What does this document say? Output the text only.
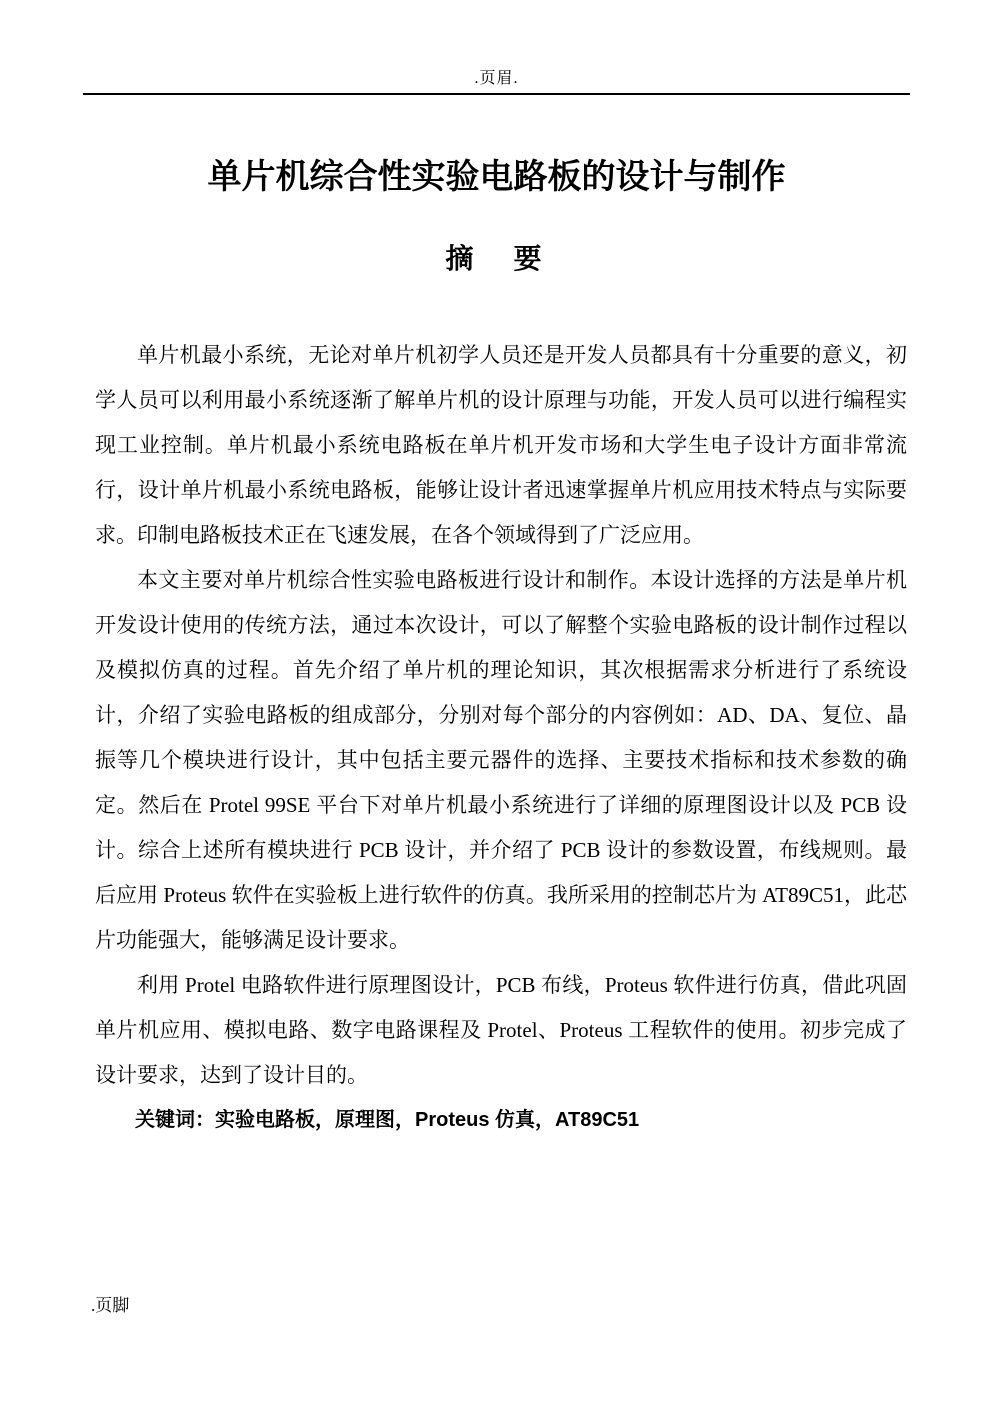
.页眉.
单片机综合性实验电路板的设计与制作
摘　要

单片机最小系统，无论对单片机初学人员还是开发人员都具有十分重要的意义，初学人员可以利用最小系统逐渐了解单片机的设计原理与功能，开发人员可以进行编程实现工业控制。单片机最小系统电路板在单片机开发市场和大学生电子设计方面非常流行，设计单片机最小系统电路板，能够让设计者迅速掌握单片机应用技术特点与实际要求。印制电路板技术正在飞速发展，在各个领域得到了广泛应用。

本文主要对单片机综合性实验电路板进行设计和制作。本设计选择的方法是单片机开发设计使用的传统方法，通过本次设计，可以了解整个实验电路板的设计制作过程以及模拟仿真的过程。首先介绍了单片机的理论知识，其次根据需求分析进行了系统设计，介绍了实验电路板的组成部分，分别对每个部分的内容例如：AD、DA、复位、晶振等几个模块进行设计，其中包括主要元器件的选择、主要技术指标和技术参数的确定。然后在 Protel 99SE 平台下对单片机最小系统进行了详细的原理图设计以及 PCB 设计。综合上述所有模块进行 PCB 设计，并介绍了 PCB 设计的参数设置，布线规则。最后应用 Proteus 软件在实验板上进行软件的仿真。我所采用的控制芯片为 AT89C51，此芯片功能强大，能够满足设计要求。

利用 Protel 电路软件进行原理图设计，PCB 布线，Proteus 软件进行仿真，借此巩固单片机应用、模拟电路、数字电路课程及 Protel、Proteus 工程软件的使用。初步完成了设计要求，达到了设计目的。

关键词：实验电路板，原理图，Proteus 仿真，AT89C51

.页脚
